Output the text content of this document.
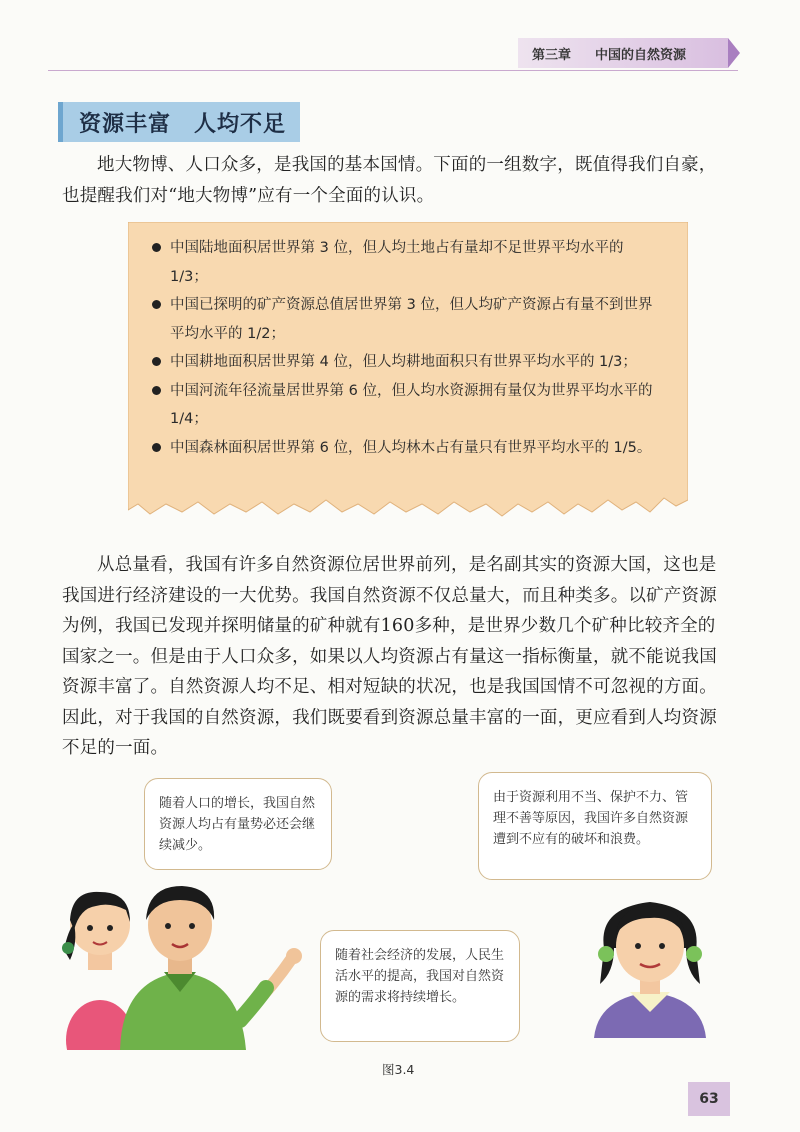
第三章 中国的自然资源
资源丰富　人均不足

地大物博、人口众多，是我国的基本国情。下面的一组数字，既值得我们自豪，也提醒我们对“地大物博”应有一个全面的认识。

中国陆地面积居世界第 3 位，但人均土地占有量却不足世界平均水平的 1/3；
中国已探明的矿产资源总值居世界第 3 位，但人均矿产资源占有量不到世界平均水平的 1/2；
中国耕地面积居世界第 4 位，但人均耕地面积只有世界平均水平的 1/3；
中国河流年径流量居世界第 6 位，但人均水资源拥有量仅为世界平均水平的 1/4；
中国森林面积居世界第 6 位，但人均林木占有量只有世界平均水平的 1/5。

从总量看，我国有许多自然资源位居世界前列，是名副其实的资源大国，这也是我国进行经济建设的一大优势。我国自然资源不仅总量大，而且种类多。以矿产资源为例，我国已发现并探明储量的矿种就有160多种，是世界少数几个矿种比较齐全的国家之一。但是由于人口众多，如果以人均资源占有量这一指标衡量，就不能说我国资源丰富了。自然资源人均不足、相对短缺的状况，也是我国国情不可忽视的方面。因此，对于我国的自然资源，我们既要看到资源总量丰富的一面，更应看到人均资源不足的一面。

随着人口的增长，我国自然资源人均占有量势必还会继续减少。
由于资源利用不当、保护不力、管理不善等原因，我国许多自然资源遭到不应有的破坏和浪费。
随着社会经济的发展，人民生活水平的提高，我国对自然资源的需求将持续增长。
图3.4
63
